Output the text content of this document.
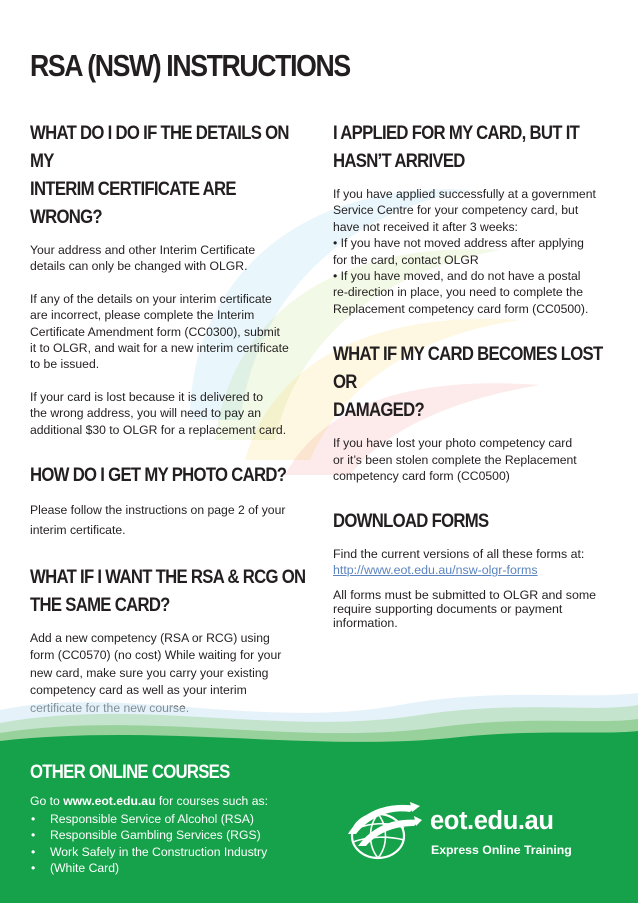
RSA (NSW) INSTRUCTIONS
WHAT DO I DO IF THE DETAILS ON MY
INTERIM CERTIFICATE ARE WRONG?

Your address and other Interim Certificate
details can only be changed with OLGR.

If any of the details on your interim certificate
are incorrect, please complete the Interim
Certificate Amendment form (CC0300), submit
it to OLGR, and wait for a new interim certificate
to be issued.

If your card is lost because it is delivered to
the wrong address, you will need to pay an
additional $30 to OLGR for a replacement card.

HOW DO I GET MY PHOTO CARD?

Please follow the instructions on page 2 of your
interim certificate.

WHAT IF I WANT THE RSA & RCG ON
THE SAME CARD?

Add a new competency (RSA or RCG) using
form (CC0570) (no cost) While waiting for your
new card, make sure you carry your existing
competency card as well as your interim

I APPLIED FOR MY CARD, BUT IT
HASN’T ARRIVED

If you have applied successfully at a government
Service Centre for your competency card, but
have not received it after 3 weeks:
• If you have not moved address after applying
for the card, contact OLGR
• If you have moved, and do not have a postal
re-direction in place, you need to complete the
Replacement competency card form (CC0500).

WHAT IF MY CARD BECOMES LOST OR
DAMAGED?

If you have lost your photo competency card
or it’s been stolen complete the Replacement
competency card form (CC0500)

DOWNLOAD FORMS

Find the current versions of all these forms at:
http://www.eot.edu.au/nsw-olgr-forms

All forms must be submitted to OLGR and some
require supporting documents or payment
information.

OTHER ONLINE COURSES

Go to www.eot.edu.au for courses such as:

• Responsible Service of Alcohol (RSA)
• Responsible Gambling Services (RGS)
• Work Safely in the Construction Industry
• (White Card)

eot.edu.au

Express Online Training
